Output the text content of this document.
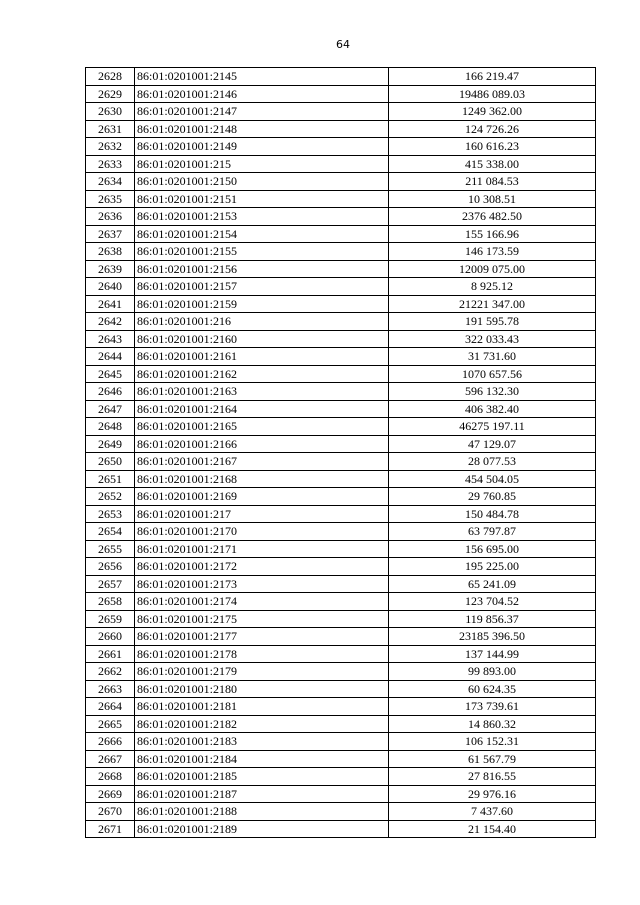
64
2628	86:01:0201001:2145	166 219.47
2629	86:01:0201001:2146	19486 089.03
2630	86:01:0201001:2147	1249 362.00
2631	86:01:0201001:2148	124 726.26
2632	86:01:0201001:2149	160 616.23
2633	86:01:0201001:215	415 338.00
2634	86:01:0201001:2150	211 084.53
2635	86:01:0201001:2151	10 308.51
2636	86:01:0201001:2153	2376 482.50
2637	86:01:0201001:2154	155 166.96
2638	86:01:0201001:2155	146 173.59
2639	86:01:0201001:2156	12009 075.00
2640	86:01:0201001:2157	8 925.12
2641	86:01:0201001:2159	21221 347.00
2642	86:01:0201001:216	191 595.78
2643	86:01:0201001:2160	322 033.43
2644	86:01:0201001:2161	31 731.60
2645	86:01:0201001:2162	1070 657.56
2646	86:01:0201001:2163	596 132.30
2647	86:01:0201001:2164	406 382.40
2648	86:01:0201001:2165	46275 197.11
2649	86:01:0201001:2166	47 129.07
2650	86:01:0201001:2167	28 077.53
2651	86:01:0201001:2168	454 504.05
2652	86:01:0201001:2169	29 760.85
2653	86:01:0201001:217	150 484.78
2654	86:01:0201001:2170	63 797.87
2655	86:01:0201001:2171	156 695.00
2656	86:01:0201001:2172	195 225.00
2657	86:01:0201001:2173	65 241.09
2658	86:01:0201001:2174	123 704.52
2659	86:01:0201001:2175	119 856.37
2660	86:01:0201001:2177	23185 396.50
2661	86:01:0201001:2178	137 144.99
2662	86:01:0201001:2179	99 893.00
2663	86:01:0201001:2180	60 624.35
2664	86:01:0201001:2181	173 739.61
2665	86:01:0201001:2182	14 860.32
2666	86:01:0201001:2183	106 152.31
2667	86:01:0201001:2184	61 567.79
2668	86:01:0201001:2185	27 816.55
2669	86:01:0201001:2187	29 976.16
2670	86:01:0201001:2188	7 437.60
2671	86:01:0201001:2189	21 154.40
